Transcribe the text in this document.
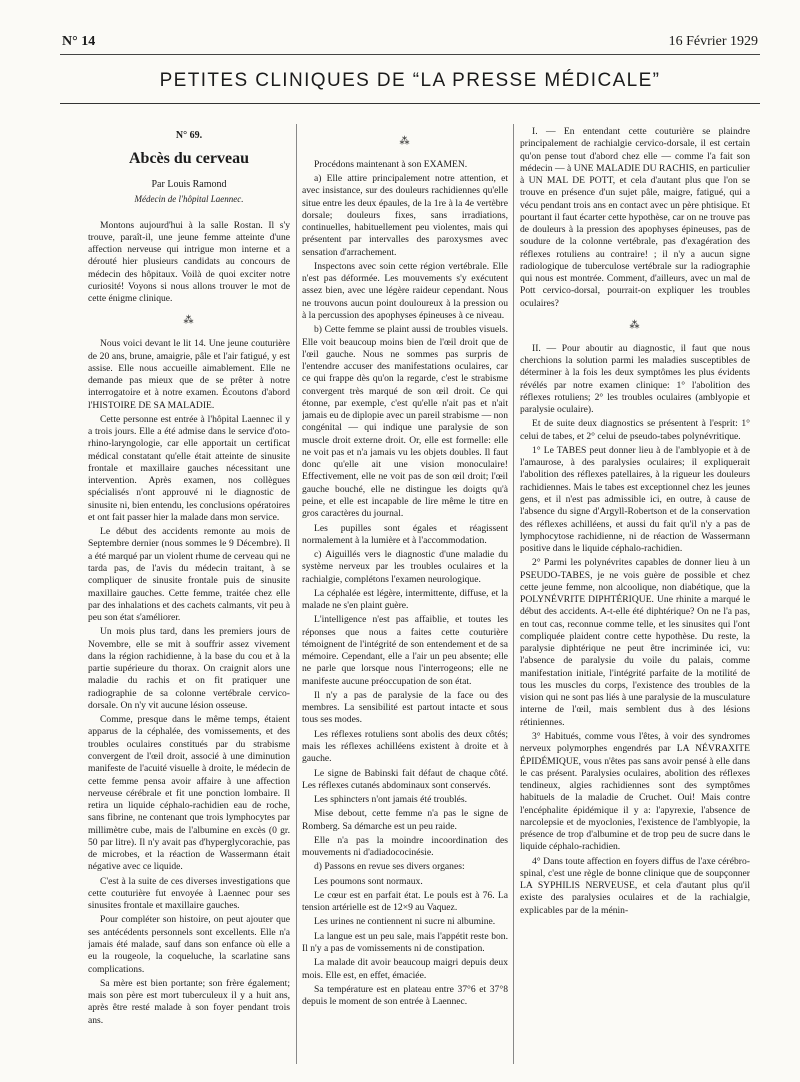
N° 14	16 Février 1929
PETITES CLINIQUES DE “LA PRESSE MÉDICALE”
N° 69.
Abcès du cerveau
Par Louis Ramond
Médecin de l'hôpital Laennec.

Montons aujourd'hui à la salle Rostan. Il s'y trouve, paraît-il, une jeune femme atteinte d'une affection nerveuse qui intrigue mon interne et a dérouté hier plusieurs candidats au concours de médecin des hôpitaux. Voilà de quoi exciter notre curiosité! Voyons si nous allons trouver le mot de cette énigme clinique.

⁂

Nous voici devant le lit 14. Une jeune couturière de 20 ans, brune, amaigrie, pâle et l'air fatigué, y est assise. Elle nous accueille aimablement. Elle ne demande pas mieux que de se prêter à notre interrogatoire et à notre examen. Écoutons d'abord l'HISTOIRE DE SA MALADIE.

Cette personne est entrée à l'hôpital Laennec il y a trois jours. Elle a été admise dans le service d'oto-rhino-laryngologie, car elle apportait un certificat médical constatant qu'elle était atteinte de sinusite frontale et maxillaire gauches nécessitant une intervention. Après examen, nos collègues spécialisés n'ont approuvé ni le diagnostic de sinusite ni, bien entendu, les conclusions opératoires et ont fait passer hier la malade dans mon service.

Le début des accidents remonte au mois de Septembre dernier (nous sommes le 9 Décembre). Il a été marqué par un violent rhume de cerveau qui ne tarda pas, de l'avis du médecin traitant, à se compliquer de sinusite frontale puis de sinusite maxillaire gauches. Cette femme, traitée chez elle par des inhalations et des cachets calmants, vit peu à peu son état s'améliorer.

Un mois plus tard, dans les premiers jours de Novembre, elle se mit à souffrir assez vivement dans la région rachidienne, à la base du cou et à la partie supérieure du thorax. On craignit alors une maladie du rachis et on fit pratiquer une radiographie de sa colonne vertébrale cervico-dorsale. On n'y vit aucune lésion osseuse.

Comme, presque dans le même temps, étaient apparus de la céphalée, des vomissements, et des troubles oculaires constitués par du strabisme convergent de l'œil droit, associé à une diminution manifeste de l'acuité visuelle à droite, le médecin de cette femme pensa avoir affaire à une affection nerveuse cérébrale et fit une ponction lombaire. Il retira un liquide céphalo-rachidien eau de roche, sans fibrine, ne contenant que trois lymphocytes par millimètre cube, mais de l'albumine en excès (0 gr. 50 par litre). Il n'y avait pas d'hyperglycorachie, pas de microbes, et la réaction de Wassermann était négative avec ce liquide.

C'est à la suite de ces diverses investigations que cette couturière fut envoyée à Laennec pour ses sinusites frontale et maxillaire gauches.

Pour compléter son histoire, on peut ajouter que ses antécédents personnels sont excellents. Elle n'a jamais été malade, sauf dans son enfance où elle a eu la rougeole, la coqueluche, la scarlatine sans complications.

Sa mère est bien portante; son frère également; mais son père est mort tuberculeux il y a huit ans, après être resté malade à son foyer pendant trois ans.

⁂

Procédons maintenant à son EXAMEN.

a) Elle attire principalement notre attention, et avec insistance, sur des douleurs rachidiennes qu'elle situe entre les deux épaules, de la 1re à la 4e vertèbre dorsale; douleurs fixes, sans irradiations, continuelles, habituellement peu violentes, mais qui présentent par intervalles des paroxysmes avec sensation d'arrachement.

Inspectons avec soin cette région vertébrale. Elle n'est pas déformée. Les mouvements s'y exécutent assez bien, avec une légère raideur cependant. Nous ne trouvons aucun point douloureux à la pression ou à la percussion des apophyses épineuses à ce niveau.

b) Cette femme se plaint aussi de troubles visuels. Elle voit beaucoup moins bien de l'œil droit que de l'œil gauche. Nous ne sommes pas surpris de l'entendre accuser des manifestations oculaires, car ce qui frappe dès qu'on la regarde, c'est le strabisme convergent très marqué de son œil droit. Ce qui étonne, par exemple, c'est qu'elle n'ait pas et n'ait jamais eu de diplopie avec un pareil strabisme — non congénital — qui indique une paralysie de son muscle droit externe droit. Or, elle est formelle: elle ne voit pas et n'a jamais vu les objets doubles. Il faut donc qu'elle ait une vision monoculaire! Effectivement, elle ne voit pas de son œil droit; l'œil gauche bouché, elle ne distingue les doigts qu'à peine, et elle est incapable de lire même le titre en gros caractères du journal.

Les pupilles sont égales et réagissent normalement à la lumière et à l'accommodation.

c) Aiguillés vers le diagnostic d'une maladie du système nerveux par les troubles oculaires et la rachialgie, complétons l'examen neurologique.

La céphalée est légère, intermittente, diffuse, et la malade ne s'en plaint guère.

L'intelligence n'est pas affaiblie, et toutes les réponses que nous a faites cette couturière témoignent de l'intégrité de son entendement et de sa mémoire. Cependant, elle a l'air un peu absente; elle ne parle que lorsque nous l'interrogeons; elle ne manifeste aucune préoccupation de son état.

Il n'y a pas de paralysie de la face ou des membres. La sensibilité est partout intacte et sous tous ses modes.

Les réflexes rotuliens sont abolis des deux côtés; mais les réflexes achilléens existent à droite et à gauche.

Le signe de Babinski fait défaut de chaque côté. Les réflexes cutanés abdominaux sont conservés.

Les sphincters n'ont jamais été troublés.

Mise debout, cette femme n'a pas le signe de Romberg. Sa démarche est un peu raide.

Elle n'a pas la moindre incoordination des mouvements ni d'adiadococinésie.

d) Passons en revue ses divers organes:

Les poumons sont normaux.

Le cœur est en parfait état. Le pouls est à 76. La tension artérielle est de 12×9 au Vaquez.

Les urines ne contiennent ni sucre ni albumine.

La langue est un peu sale, mais l'appétit reste bon. Il n'y a pas de vomissements ni de constipation.

La malade dit avoir beaucoup maigri depuis deux mois. Elle est, en effet, émaciée.

Sa température est en plateau entre 37°6 et 37°8 depuis le moment de son entrée à Laennec.

I. — En entendant cette couturière se plaindre principalement de rachialgie cervico-dorsale, il est certain qu'on pense tout d'abord chez elle — comme l'a fait son médecin — à UNE MALADIE DU RACHIS, en particulier à UN MAL DE POTT, et cela d'autant plus que l'on se trouve en présence d'un sujet pâle, maigre, fatigué, qui a vécu pendant trois ans en contact avec un père phtisique. Et pourtant il faut écarter cette hypothèse, car on ne trouve pas de douleurs à la pression des apophyses épineuses, pas de soudure de la colonne vertébrale, pas d'exagération des réflexes rotuliens au contraire! ; il n'y a aucun signe radiologique de tuberculose vertébrale sur la radiographie qui nous est montrée. Comment, d'ailleurs, avec un mal de Pott cervico-dorsal, pourrait-on expliquer les troubles oculaires?

⁂

II. — Pour aboutir au diagnostic, il faut que nous cherchions la solution parmi les maladies susceptibles de déterminer à la fois les deux symptômes les plus évidents révélés par notre examen clinique: 1° l'abolition des réflexes rotuliens; 2° les troubles oculaires (amblyopie et paralysie oculaire).

Et de suite deux diagnostics se présentent à l'esprit: 1° celui de tabes, et 2° celui de pseudo-tabes polynévritique.

1° Le TABES peut donner lieu à de l'amblyopie et à de l'amaurose, à des paralysies oculaires; il expliquerait l'abolition des réflexes patellaires, à la rigueur les douleurs rachidiennes. Mais le tabes est exceptionnel chez les jeunes gens, et il n'est pas admissible ici, en outre, à cause de l'absence du signe d'Argyll-Robertson et de la conservation des réflexes achilléens, et aussi du fait qu'il n'y a pas de lymphocytose rachidienne, ni de réaction de Wassermann positive dans le liquide céphalo-rachidien.

2° Parmi les polynévrites capables de donner lieu à un PSEUDO-TABES, je ne vois guère de possible et chez cette jeune femme, non alcoolique, non diabétique, que la POLYNÉVRITE DIPHTÉRIQUE. Une rhinite a marqué le début des accidents. A-t-elle été diphtérique? On ne l'a pas, en tout cas, reconnue comme telle, et les sinusites qui l'ont compliquée plaident contre cette hypothèse. Du reste, la paralysie diphtérique ne peut être incriminée ici, vu: l'absence de paralysie du voile du palais, comme manifestation initiale, l'intégrité parfaite de la motilité de tous les muscles du corps, l'existence des troubles de la vision qui ne sont pas liés à une paralysie de la musculature interne de l'œil, mais semblent dus à des lésions rétiniennes.

3° Habitués, comme vous l'êtes, à voir des syndromes nerveux polymorphes engendrés par LA NÉVRAXITE ÉPIDÉMIQUE, vous n'êtes pas sans avoir pensé à elle dans le cas présent. Paralysies oculaires, abolition des réflexes tendineux, algies rachidiennes sont des symptômes habituels de la maladie de Cruchet. Oui! Mais contre l'encéphalite épidémique il y a: l'apyrexie, l'absence de narcolepsie et de myoclonies, l'existence de l'amblyopie, la présence de trop d'albumine et de trop peu de sucre dans le liquide céphalo-rachidien.

4° Dans toute affection en foyers diffus de l'axe cérébro-spinal, c'est une règle de bonne clinique que de soupçonner LA SYPHILIS NERVEUSE, et cela d'autant plus qu'il existe des paralysies oculaires et de la rachialgie, explicables par de la ménin-
